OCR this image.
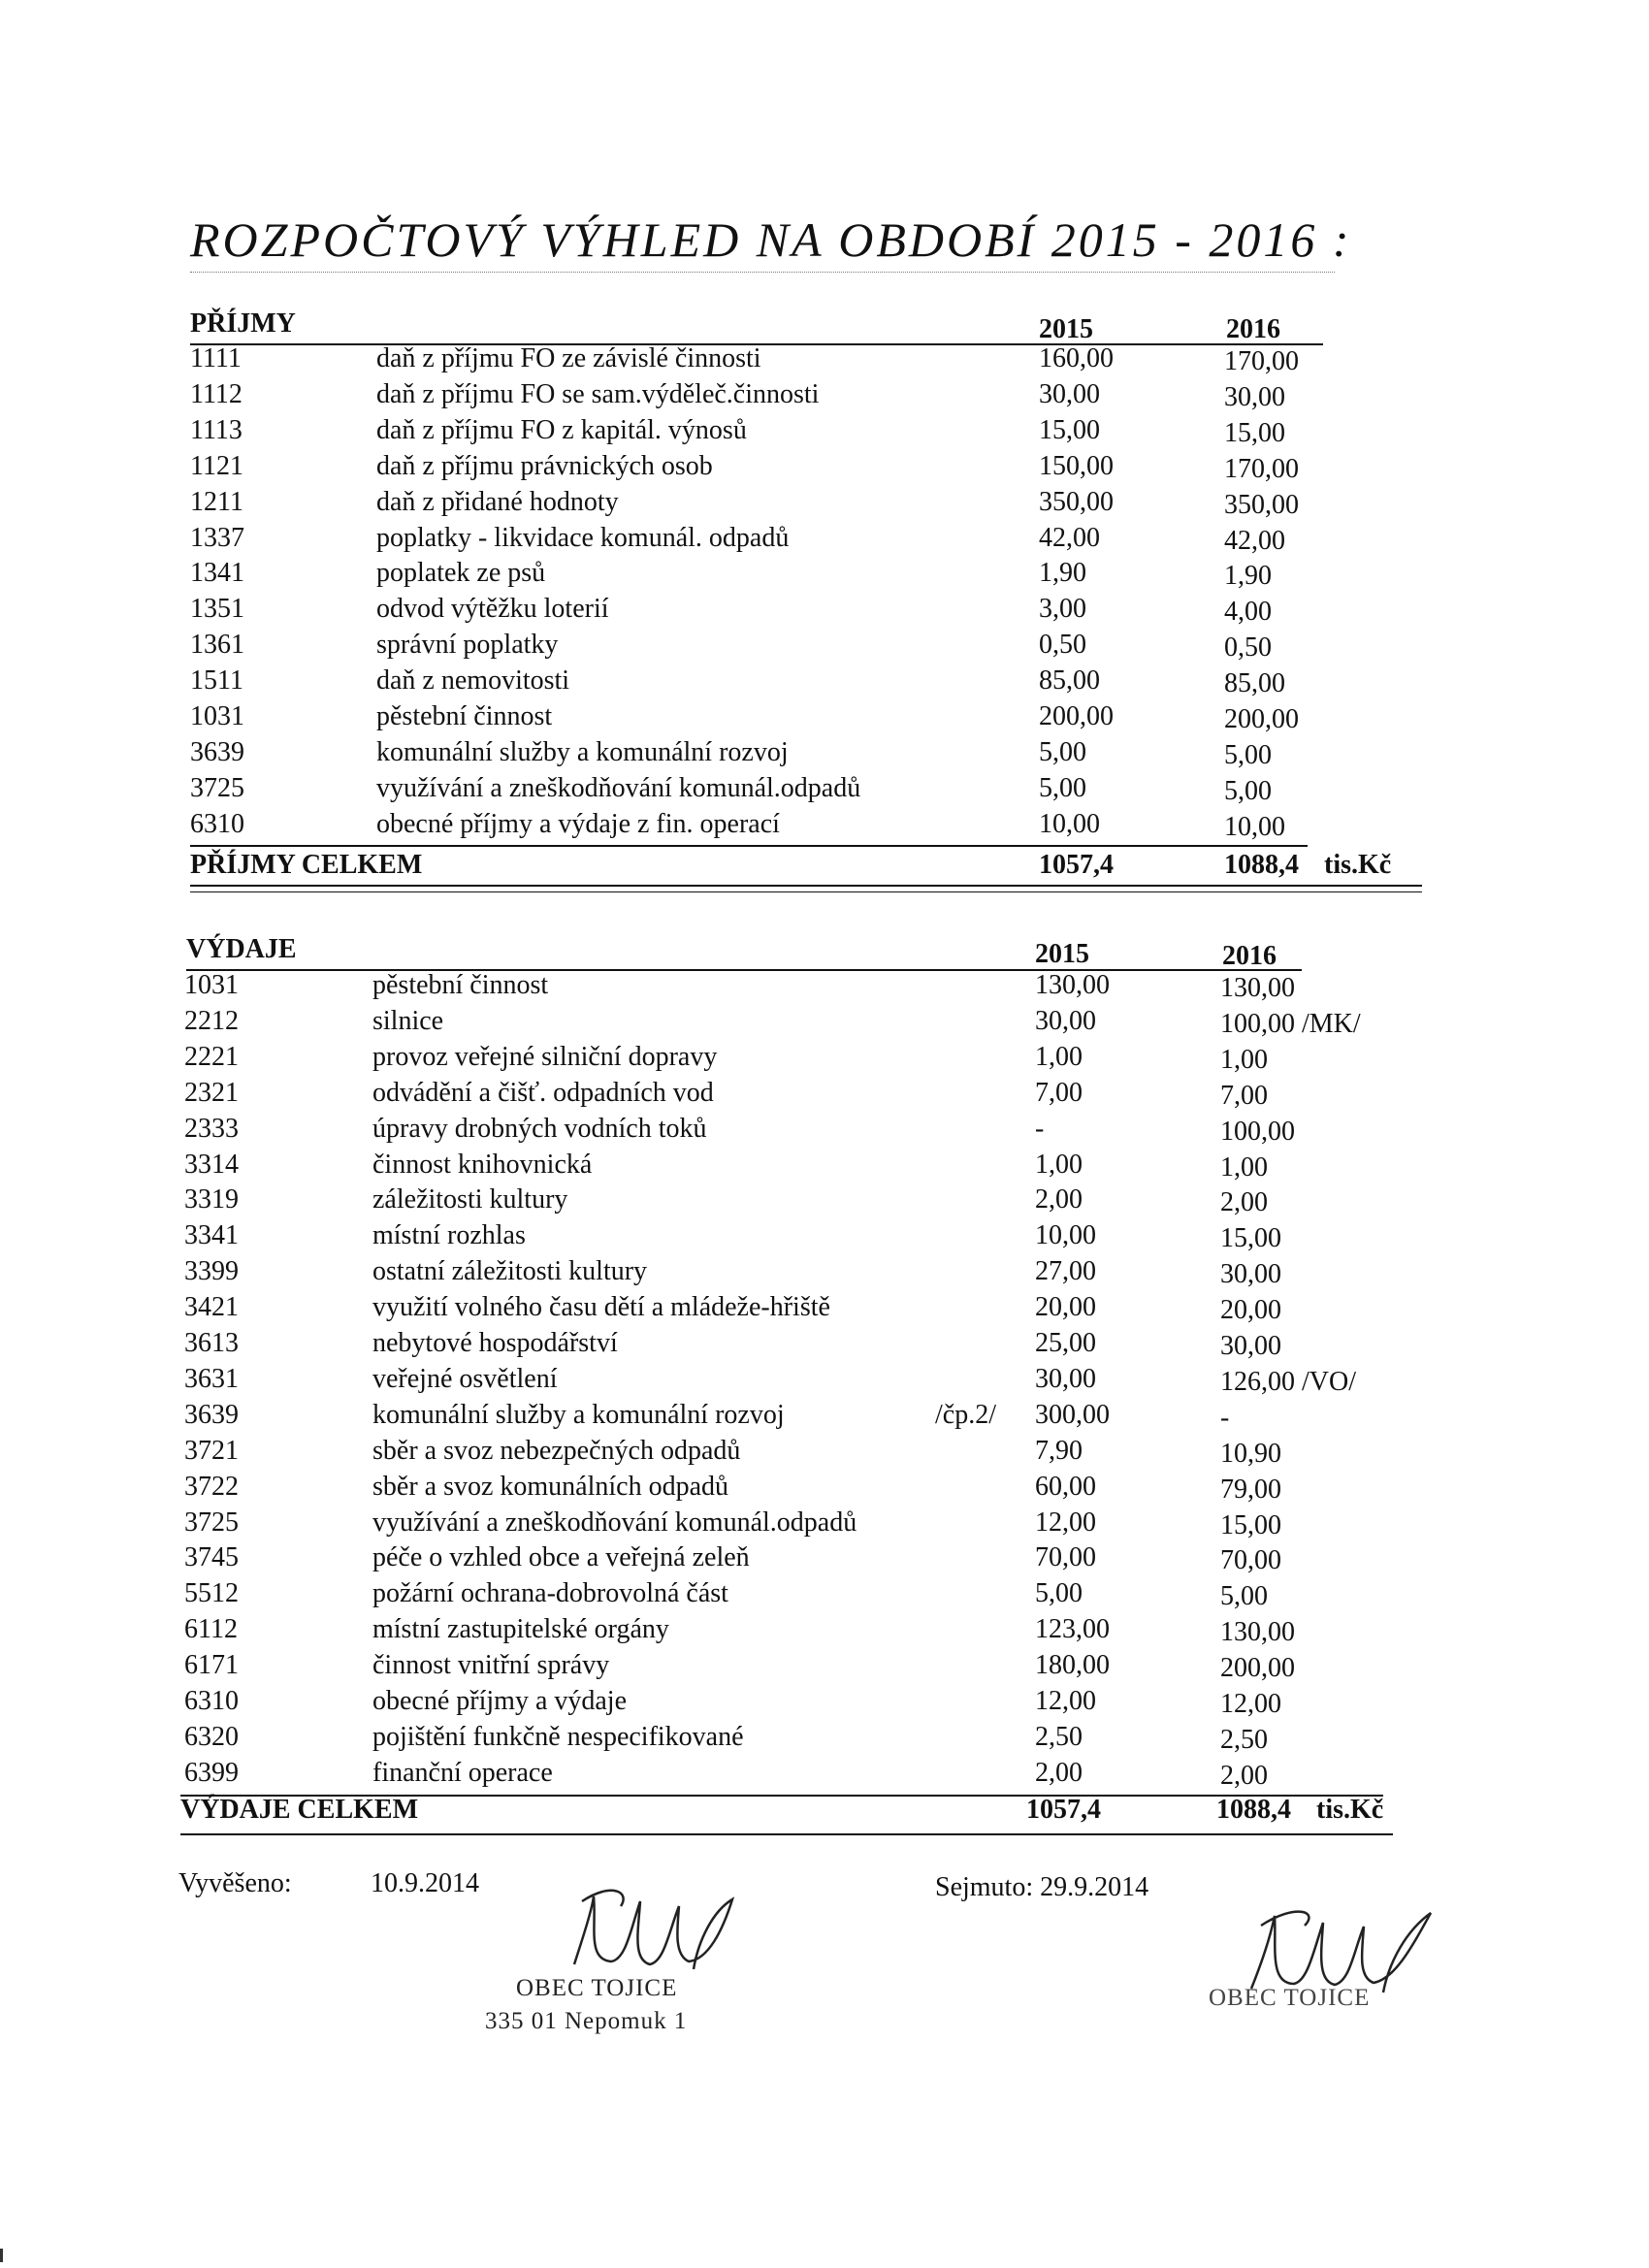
ROZPOČTOVÝ VÝHLED NA OBDOBÍ 2015 - 2016 :
PŘÍJMY	2015	2016
1111	daň z příjmu FO ze závislé činnosti	160,00	170,00
1112	daň z příjmu FO se sam.výděleč.činnosti	30,00	30,00
1113	daň z příjmu FO z kapitál. výnosů	15,00	15,00
1121	daň z příjmu právnických osob	150,00	170,00
1211	daň z přidané hodnoty	350,00	350,00
1337	poplatky - likvidace komunál. odpadů	42,00	42,00
1341	poplatek ze psů	1,90	1,90
1351	odvod výtěžku loterií	3,00	4,00
1361	správní poplatky	0,50	0,50
1511	daň z nemovitosti	85,00	85,00
1031	pěstební činnost	200,00	200,00
3639	komunální služby a komunální rozvoj	5,00	5,00
3725	využívání a zneškodňování komunál.odpadů	5,00	5,00
6310	obecné příjmy a výdaje z fin. operací	10,00	10,00
PŘÍJMY CELKEM	1057,4	1088,4 tis.Kč
VÝDAJE	2015	2016
1031	pěstební činnost	130,00	130,00
2212	silnice	30,00	100,00 /MK/
2221	provoz veřejné silniční dopravy	1,00	1,00
2321	odvádění a čišť. odpadních vod	7,00	7,00
2333	úpravy drobných vodních toků	-	100,00
3314	činnost knihovnická	1,00	1,00
3319	záležitosti kultury	2,00	2,00
3341	místní rozhlas	10,00	15,00
3399	ostatní záležitosti kultury	27,00	30,00
3421	využití volného času dětí a mládeže-hřiště	20,00	20,00
3613	nebytové hospodářství	25,00	30,00
3631	veřejné osvětlení	30,00	126,00 /VO/
3639	komunální služby a komunální rozvoj	/čp.2/ 300,00	-
3721	sběr a svoz nebezpečných odpadů	7,90	10,90
3722	sběr a svoz komunálních odpadů	60,00	79,00
3725	využívání a zneškodňování komunál.odpadů	12,00	15,00
3745	péče o vzhled obce a veřejná zeleň	70,00	70,00
5512	požární ochrana-dobrovolná část	5,00	5,00
6112	místní zastupitelské orgány	123,00	130,00
6171	činnost vnitřní správy	180,00	200,00
6310	obecné příjmy a výdaje	12,00	12,00
6320	pojištění funkčně nespecifikované	2,50	2,50
6399	finanční operace	2,00	2,00
VÝDAJE CELKEM	1057,4	1088,4 tis.Kč
Vyvěšeno:	10.9.2014	Sejmuto: 29.9.2014
OBEC TOJICE
335 01 Nepomuk 1
OBEC TOJICE
